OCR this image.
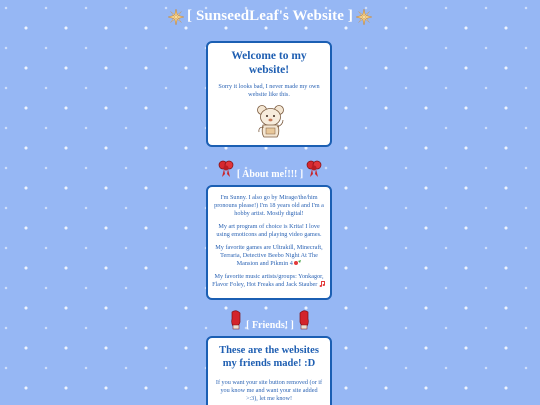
[ SunseedLeaf's Website ]
Welcome to my website!

Sorry it looks bad, I never made my own website like this.

[ About me!!!! ]

I'm Sunny. I also go by Mirage/the/him pronouns please!) I'm 18 years old and I'm a hobby artist. Mostly digital!

My art program of choice is Krita! I love using emoticons and playing video games.

My favorite games are Ultrakill, Minecraft, Terraria, Detective Beebo Night At The Mansion and Pikmin 4

My favorite music artists/groups: Yonkagor, Flavor Foley, Hot Freaks and Jack Stauber

[ Friends! ]
These are the websites my friends made! :D

If you want your site button removed (or if you know me and want your site added >:3), let me know!
